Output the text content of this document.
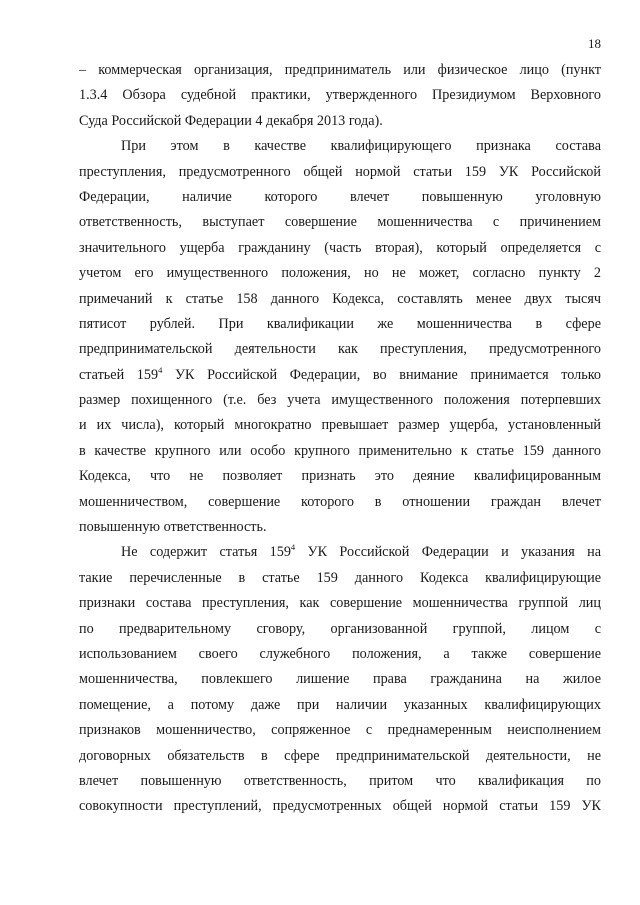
18
– коммерческая организация, предприниматель или физическое лицо (пункт
1.3.4 Обзора судебной практики, утвержденного Президиумом Верховного
Суда Российской Федерации 4 декабря 2013 года).
При этом в качестве квалифицирующего признака состава
преступления, предусмотренного общей нормой статьи 159 УК Российской
Федерации, наличие которого влечет повышенную уголовную
ответственность, выступает совершение мошенничества с причинением
значительного ущерба гражданину (часть вторая), который определяется с
учетом его имущественного положения, но не может, согласно пункту 2
примечаний к статье 158 данного Кодекса, составлять менее двух тысяч
пятисот рублей. При квалификации же мошенничества в сфере
предпринимательской деятельности как преступления, предусмотренного
статьей $159^4$ УК Российской Федерации, во внимание принимается только
размер похищенного (т.е. без учета имущественного положения потерпевших
и их числа), который многократно превышает размер ущерба, установленный
в качестве крупного или особо крупного применительно к статье 159 данного
Кодекса, что не позволяет признать это деяние квалифицированным
мошенничеством, совершение которого в отношении граждан влечет
повышенную ответственность.
Не содержит статья $159^4$ УК Российской Федерации и указания на
такие перечисленные в статье 159 данного Кодекса квалифицирующие
признаки состава преступления, как совершение мошенничества группой лиц
по предварительному сговору, организованной группой, лицом с
использованием своего служебного положения, а также совершение
мошенничества, повлекшего лишение права гражданина на жилое
помещение, а потому даже при наличии указанных квалифицирующих
признаков мошенничество, сопряженное с преднамеренным неисполнением
договорных обязательств в сфере предпринимательской деятельности, не
влечет повышенную ответственность, притом что квалификация по
совокупности преступлений, предусмотренных общей нормой статьи 159 УК
